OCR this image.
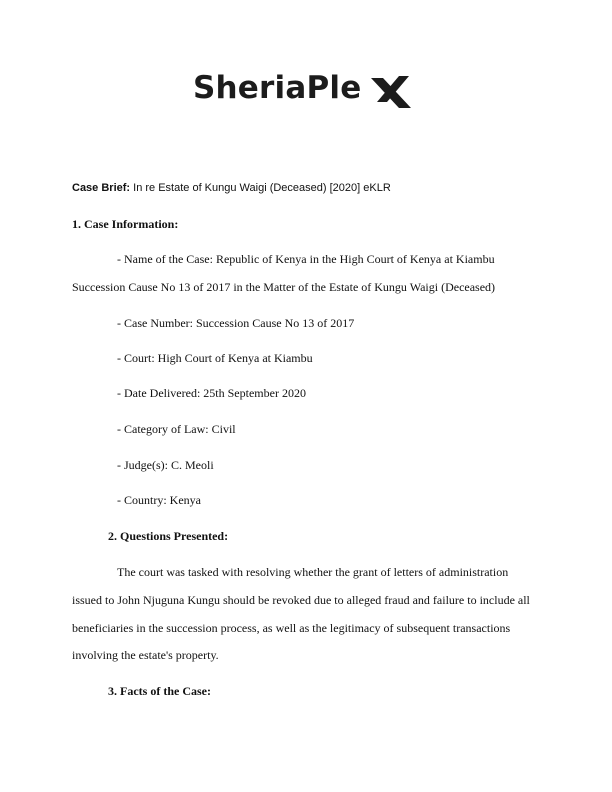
SheriaPle
Case Brief: In re Estate of Kungu Waigi (Deceased) [2020] eKLR
1. Case Information:
- Name of the Case: Republic of Kenya in the High Court of Kenya at Kiambu
Succession Cause No 13 of 2017 in the Matter of the Estate of Kungu Waigi (Deceased)
- Case Number: Succession Cause No 13 of 2017
- Court: High Court of Kenya at Kiambu
- Date Delivered: 25th September 2020
- Category of Law: Civil
- Judge(s): C. Meoli
- Country: Kenya
2. Questions Presented:
The court was tasked with resolving whether the grant of letters of administration
issued to John Njuguna Kungu should be revoked due to alleged fraud and failure to include all
beneficiaries in the succession process, as well as the legitimacy of subsequent transactions
involving the estate's property.
3. Facts of the Case:
